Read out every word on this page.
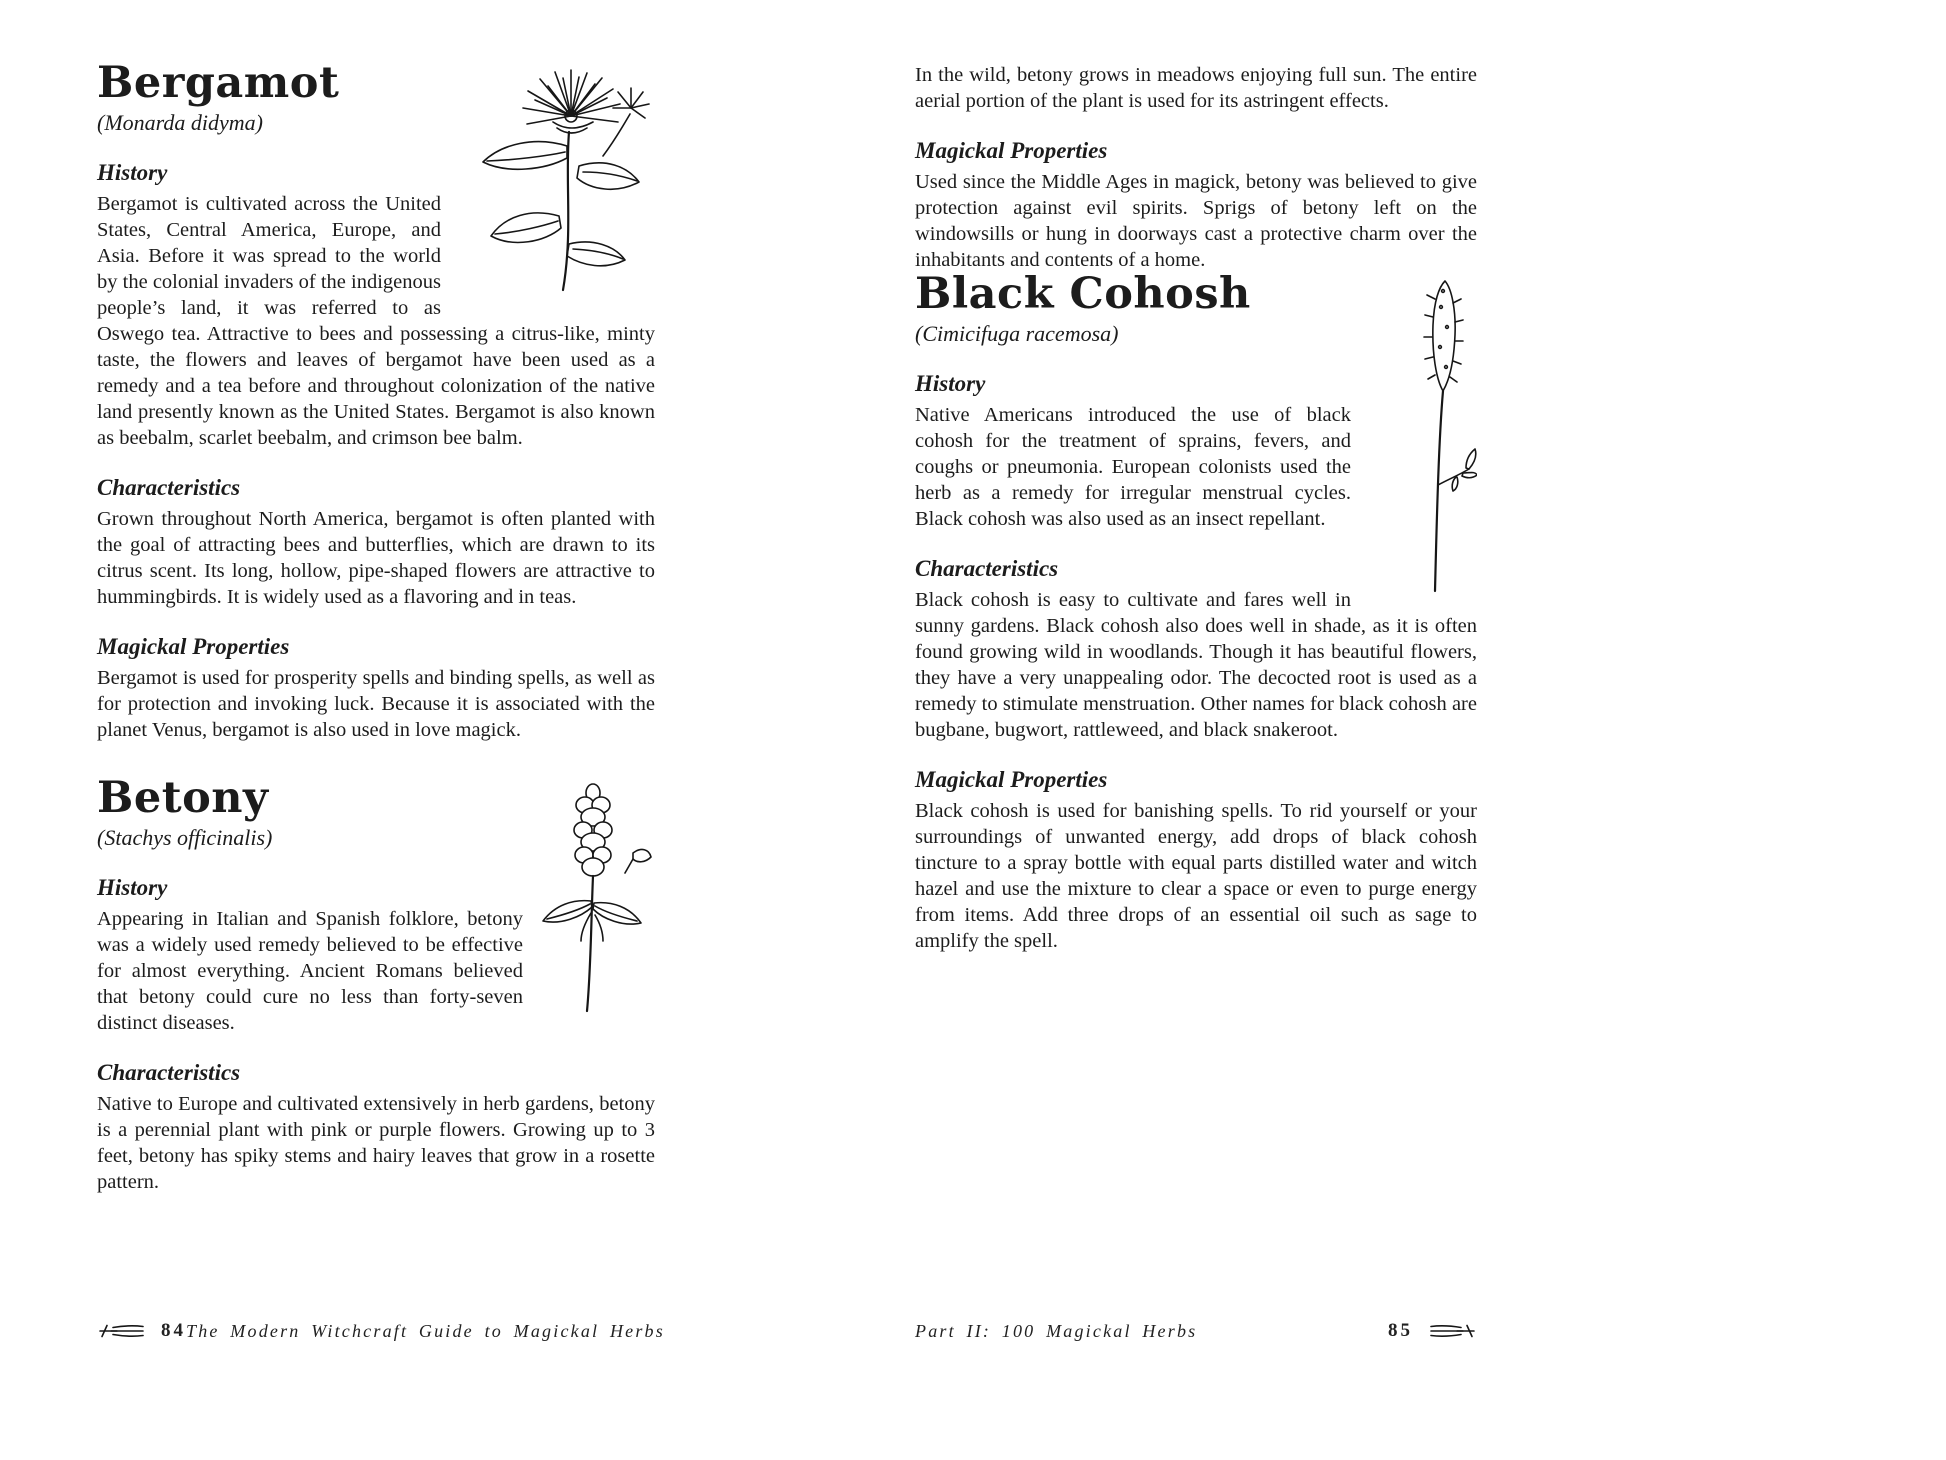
Bergamot

(Monarda didyma)

History

Bergamot is cultivated across the United States, Central America, Europe, and Asia. Before it was spread to the world by the colonial invaders of the indigenous people’s land, it was referred to as Oswego tea. Attractive to bees and possessing a citrus-like, minty taste, the flowers and leaves of bergamot have been used as a remedy and a tea before and throughout colonization of the native land presently known as the United States. Bergamot is also known as beebalm, scarlet beebalm, and crimson bee balm.

Characteristics

Grown throughout North America, bergamot is often planted with the goal of attracting bees and butterflies, which are drawn to its citrus scent. Its long, hollow, pipe-shaped flowers are attractive to hummingbirds. It is widely used as a flavoring and in teas.

Magickal Properties

Bergamot is used for prosperity spells and binding spells, as well as for protection and invoking luck. Because it is associated with the planet Venus, bergamot is also used in love magick.

Betony

(Stachys officinalis)

History

Appearing in Italian and Spanish folklore, betony was a widely used remedy believed to be effective for almost everything. Ancient Romans believed that betony could cure no less than forty-seven distinct diseases.

Characteristics

Native to Europe and cultivated extensively in herb gardens, betony is a perennial plant with pink or purple flowers. Growing up to 3 feet, betony has spiky stems and hairy leaves that grow in a rosette pattern.

In the wild, betony grows in meadows enjoying full sun. The entire aerial portion of the plant is used for its astringent effects.

Magickal Properties

Used since the Middle Ages in magick, betony was believed to give protection against evil spirits. Sprigs of betony left on the windowsills or hung in doorways cast a protective charm over the inhabitants and contents of a home.

Black Cohosh

(Cimicifuga racemosa)

History

Native Americans introduced the use of black cohosh for the treatment of sprains, fevers, and coughs or pneumonia. European colonists used the herb as a remedy for irregular menstrual cycles. Black cohosh was also used as an insect repellant.

Characteristics

Black cohosh is easy to cultivate and fares well in sunny gardens. Black cohosh also does well in shade, as it is often found growing wild in woodlands. Though it has beautiful flowers, they have a very unappealing odor. The decocted root is used as a remedy to stimulate menstruation. Other names for black cohosh are bugbane, bugwort, rattleweed, and black snakeroot.

Magickal Properties

Black cohosh is used for banishing spells. To rid yourself or your surroundings of unwanted energy, add drops of black cohosh tincture to a spray bottle with equal parts distilled water and witch hazel and use the mixture to clear a space or even to purge energy from items. Add three drops of an essential oil such as sage to amplify the spell.

84 The Modern Witchcraft Guide to Magickal Herbs	Part II: 100 Magickal Herbs	85
